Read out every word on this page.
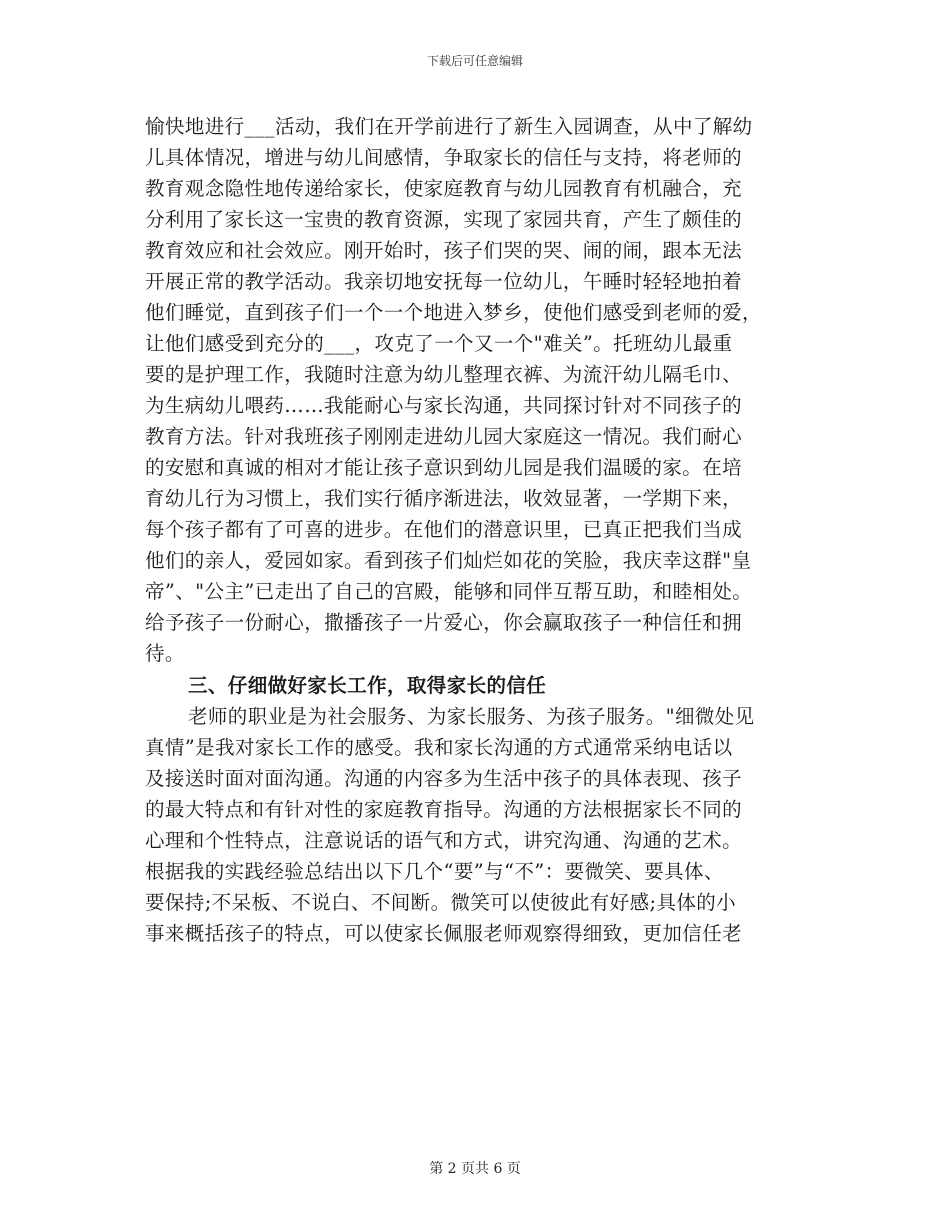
下载后可任意编辑
愉快地进行___活动，我们在开学前进行了新生入园调查，从中了解幼
儿具体情况，增进与幼儿间感情，争取家长的信任与支持，将老师的
教育观念隐性地传递给家长，使家庭教育与幼儿园教育有机融合，充
分利用了家长这一宝贵的教育资源，实现了家园共育，产生了颇佳的
教育效应和社会效应。刚开始时，孩子们哭的哭、闹的闹，跟本无法
开展正常的教学活动。我亲切地安抚每一位幼儿，午睡时轻轻地拍着
他们睡觉，直到孩子们一个一个地进入梦乡，使他们感受到老师的爱，
让他们感受到充分的___，攻克了一个又一个"难关”。托班幼儿最重
要的是护理工作，我随时注意为幼儿整理衣裤、为流汗幼儿隔毛巾、
为生病幼儿喂药……我能耐心与家长沟通，共同探讨针对不同孩子的
教育方法。针对我班孩子刚刚走进幼儿园大家庭这一情况。我们耐心
的安慰和真诚的相对才能让孩子意识到幼儿园是我们温暖的家。在培
育幼儿行为习惯上，我们实行循序渐进法，收效显著，一学期下来，
每个孩子都有了可喜的进步。在他们的潜意识里，已真正把我们当成
他们的亲人，爱园如家。看到孩子们灿烂如花的笑脸，我庆幸这群"皇
帝”、"公主”已走出了自己的宫殿，能够和同伴互帮互助，和睦相处。
给予孩子一份耐心，撒播孩子一片爱心，你会赢取孩子一种信任和拥
待。
三、仔细做好家长工作，取得家长的信任
老师的职业是为社会服务、为家长服务、为孩子服务。"细微处见
真情”是我对家长工作的感受。我和家长沟通的方式通常采纳电话以
及接送时面对面沟通。沟通的内容多为生活中孩子的具体表现、孩子
的最大特点和有针对性的家庭教育指导。沟通的方法根据家长不同的
心理和个性特点，注意说话的语气和方式，讲究沟通、沟通的艺术。
根据我的实践经验总结出以下几个“要”与“不”：要微笑、要具体、
要保持;不呆板、不说白、不间断。微笑可以使彼此有好感;具体的小
事来概括孩子的特点，可以使家长佩服老师观察得细致，更加信任老
第 2 页共 6 页
